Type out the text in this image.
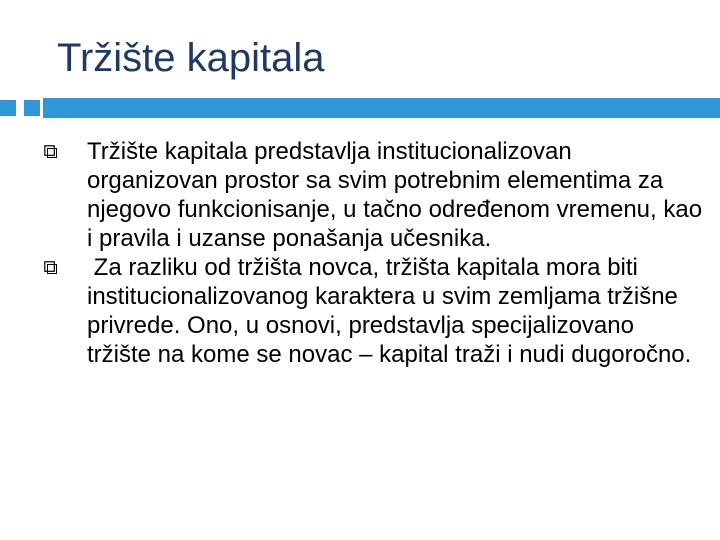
Tržište kapitala
Tržište kapitala predstavlja institucionalizovan organizovan prostor sa svim potrebnim elementima za njegovo funkcionisanje, u tačno određenom vremenu, kao i pravila i uzanse ponašanja učesnika.
Za razliku od tržišta novca, tržišta kapitala mora biti institucionalizovanog karaktera u svim zemljama tržišne privrede. Ono, u osnovi, predstavlja specijalizovano tržište na kome se novac – kapital traži i nudi dugoročno.
